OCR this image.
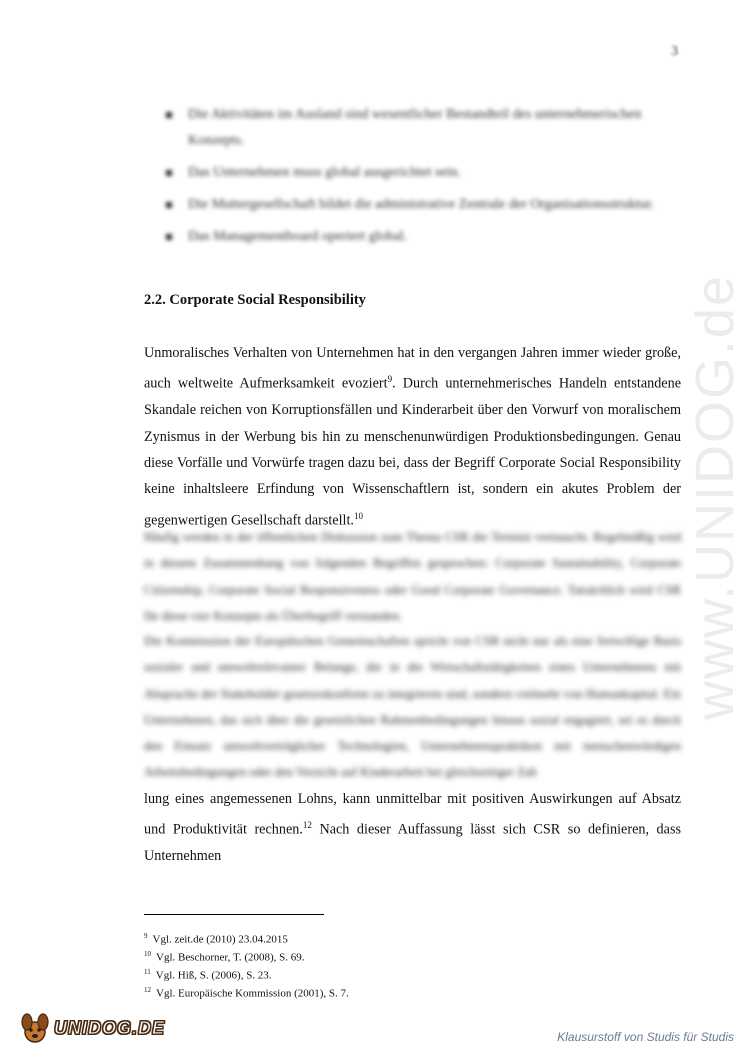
3
Die Aktivitäten im Ausland sind wesentlicher Bestandteil des unternehmerischen Konzepts.
Das Unternehmen muss global ausgerichtet sein.
Die Muttergesellschaft bildet die administrative Zentrale der Organisationsstruktur.
Das Managementboard operiert global.
2.2. Corporate Social Responsibility
Unmoralisches Verhalten von Unternehmen hat in den vergangen Jahren immer wieder große, auch weltweite Aufmerksamkeit evoziert$^9$. Durch unternehmerisches Handeln entstandene Skandale reichen von Korruptionsfällen und Kinderarbeit über den Vorwurf von moralischem Zynismus in der Werbung bis hin zu menschenunwürdigen Produktionsbedingungen. Genau diese Vorfälle und Vorwürfe tragen dazu bei, dass der Begriff Corporate Social Responsibility keine inhaltsleere Erfindung von Wissenschaftlern ist, sondern ein akutes Problem der gegenwertigen Gesellschaft darstellt.$^{10}$
Häufig werden in der öffentlichen Diskussion zum Thema CSR die Termini vertauscht. Regelmäßig wird in diesem Zusammenhang von folgenden Begriffen gesprochen: Corporate Sustainability, Corporate Citizenship, Corporate Social Responsiveness oder Good Corporate Governance. Tatsächlich wird CSR für diese vier Konzepte als Überbegriff verstanden.
Die Kommission der Europäischen Gemeinschaften spricht von CSR nicht nur als eine freiwillige Basis sozialer und umweltrelevanter Belange, die in die Wirtschaftstätigkeiten eines Unternehmens mit Absprache der Stakeholder gesetzeskonform zu integrieren sind, sondern vielmehr von Humankapital. Ein Unternehmen, das sich über die gesetzlichen Rahmenbedingungen hinaus sozial engagiert, sei es durch den Einsatz umweltverträglicher Technologien, Unternehmenspraktiken mit menschenwürdigen Arbeitsbedingungen oder den Verzicht auf Kinderarbeit bei gleichzeitiger Zah
lung eines angemessenen Lohns, kann unmittelbar mit positiven Auswirkungen auf Absatz und Produktivität rechnen.$^{12}$ Nach dieser Auffassung lässt sich CSR so definieren, dass Unternehmen
$^9$ Vgl. zeit.de (2010) 23.04.2015
$^{10}$ Vgl. Beschorner, T. (2008), S. 69.
$^{11}$ Vgl. Hiß, S. (2006), S. 23.
$^{12}$ Vgl. Europäische Kommission (2001), S. 7.
www.UNIDOG.de
UNIDOG.DE	Klausurstoff von Studis für Studis
